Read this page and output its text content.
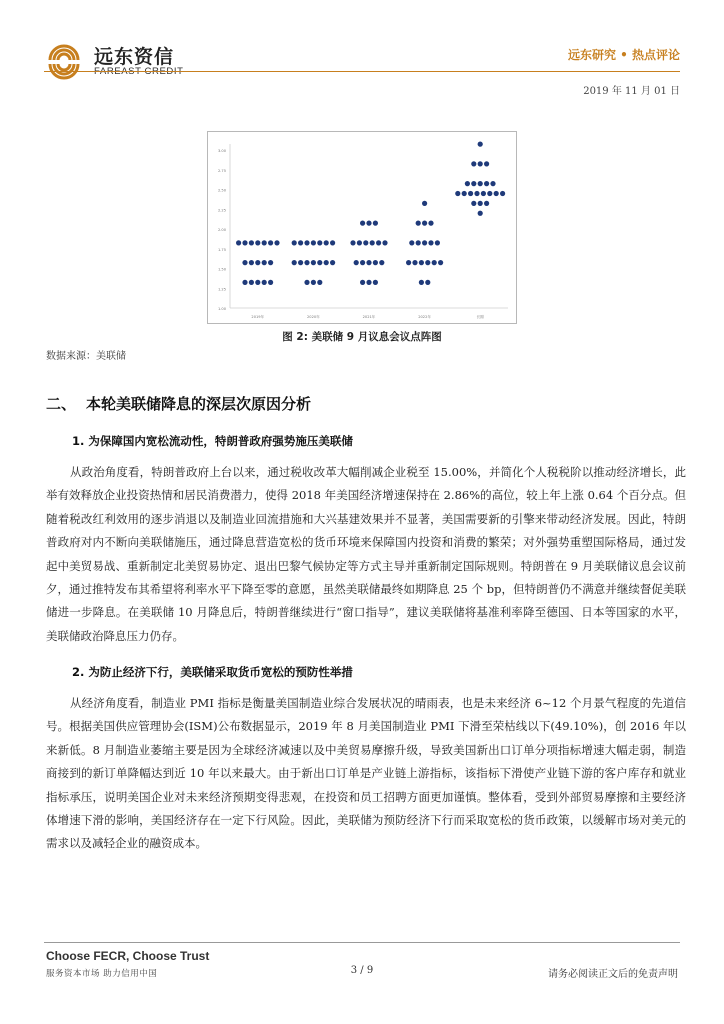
远东资信	远东研究 • 热点评论
2019 年 11 月 01 日
3.00
2.75
2.50
2.25
2.00
1.75
1.50
1.25
1.00
2019年	2020年	2021年	2022年	长期
图 2: 美联储 9 月议息会议点阵图
数据来源：美联储
二、 本轮美联储降息的深层次原因分析
1. 为保障国内宽松流动性，特朗普政府强势施压美联储

从政治角度看，特朗普政府上台以来，通过税收改革大幅削减企业税至 15.00%，并简化个人税税阶以推动经济增长，此举有效释放企业投资热情和居民消费潜力，使得 2018 年美国经济增速保持在 2.86%的高位，较上年上涨 0.64 个百分点。但随着税改红利效用的逐步消退以及制造业回流措施和大兴基建效果并不显著，美国需要新的引擎来带动经济发展。因此，特朗普政府对内不断向美联储施压，通过降息营造宽松的货币环境来保障国内投资和消费的繁荣；对外强势重塑国际格局，通过发起中美贸易战、重新制定北美贸易协定、退出巴黎气候协定等方式主导并重新制定国际规则。特朗普在 9 月美联储议息会议前夕，通过推特发布其希望将利率水平下降至零的意愿，虽然美联储最终如期降息 25 个 bp，但特朗普仍不满意并继续督促美联储进一步降息。在美联储 10 月降息后，特朗普继续进行“窗口指导”，建议美联储将基准利率降至德国、日本等国家的水平，美联储政治降息压力仍存。

2. 为防止经济下行，美联储采取货币宽松的预防性举措

从经济角度看，制造业 PMI 指标是衡量美国制造业综合发展状况的晴雨表，也是未来经济 6~12 个月景气程度的先道信号。根据美国供应管理协会(ISM)公布数据显示，2019 年 8 月美国制造业 PMI 下滑至荣枯线以下(49.10%)，创 2016 年以来新低。8 月制造业萎缩主要是因为全球经济减速以及中美贸易摩擦升级，导致美国新出口订单分项指标增速大幅走弱，制造商接到的新订单降幅达到近 10 年以来最大。由于新出口订单是产业链上游指标，该指标下滑使产业链下游的客户库存和就业指标承压，说明美国企业对未来经济预期变得悲观，在投资和员工招聘方面更加谨慎。整体看，受到外部贸易摩擦和主要经济体增速下滑的影响，美国经济存在一定下行风险。因此，美联储为预防经济下行而采取宽松的货币政策，以缓解市场对美元的需求以及减轻企业的融资成本。

Choose FECR, Choose Trust
服务资本市场 助力信用中国	3 / 9	请务必阅读正文后的免责声明
